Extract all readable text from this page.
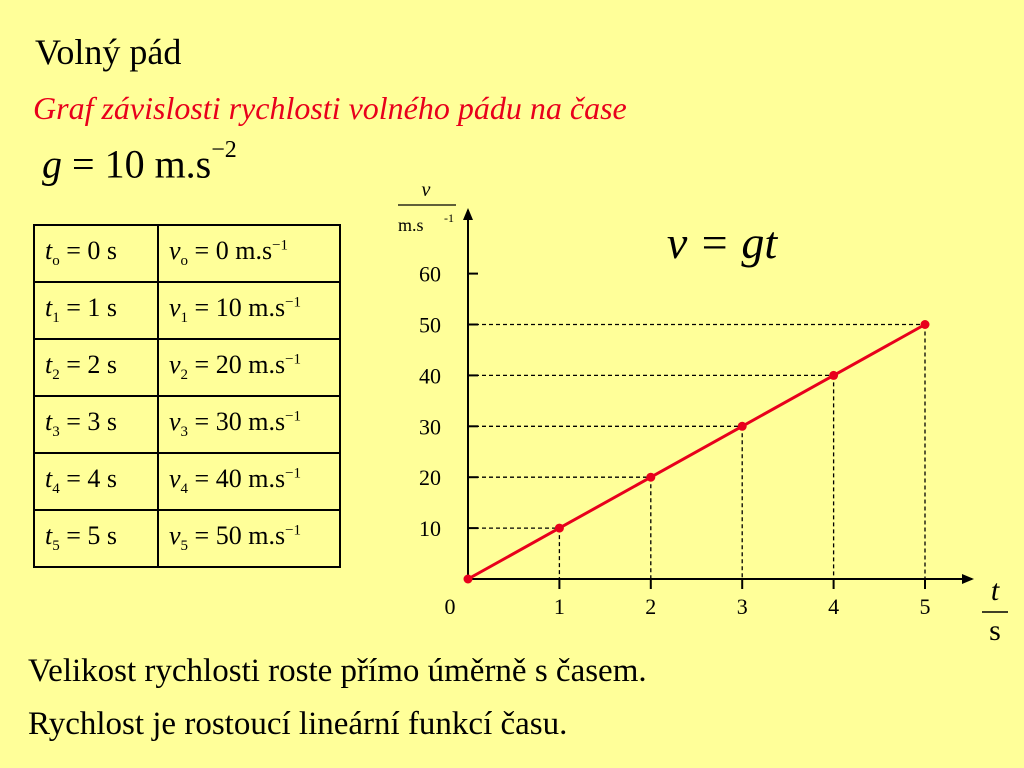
Volný pád
Graf závislosti rychlosti volného pádu na čase
g = 10 $m.s^{-2}$
$t_o = 0$ s	$v_o = 0$ $m.s^{-1}$
$t_1 = 1$ s	$v_1 = 10$ $m.s^{-1}$
$t_2 = 2$ s	$v_2 = 20$ $m.s^{-1}$
$t_3 = 3$ s	$v_3 = 30$ $m.s^{-1}$
$t_4 = 4$ s	$v_4 = 40$ $m.s^{-1}$
$t_5 = 5$ s	$v_5 = 50$ $m.s^{-1}$
0	1	2	3	4	5
10
20
30
40
50
60
v = gt
v
m.s -1
t
s
Velikost rychlosti roste přímo úměrně s časem.
Rychlost je rostoucí lineární funkcí času.
